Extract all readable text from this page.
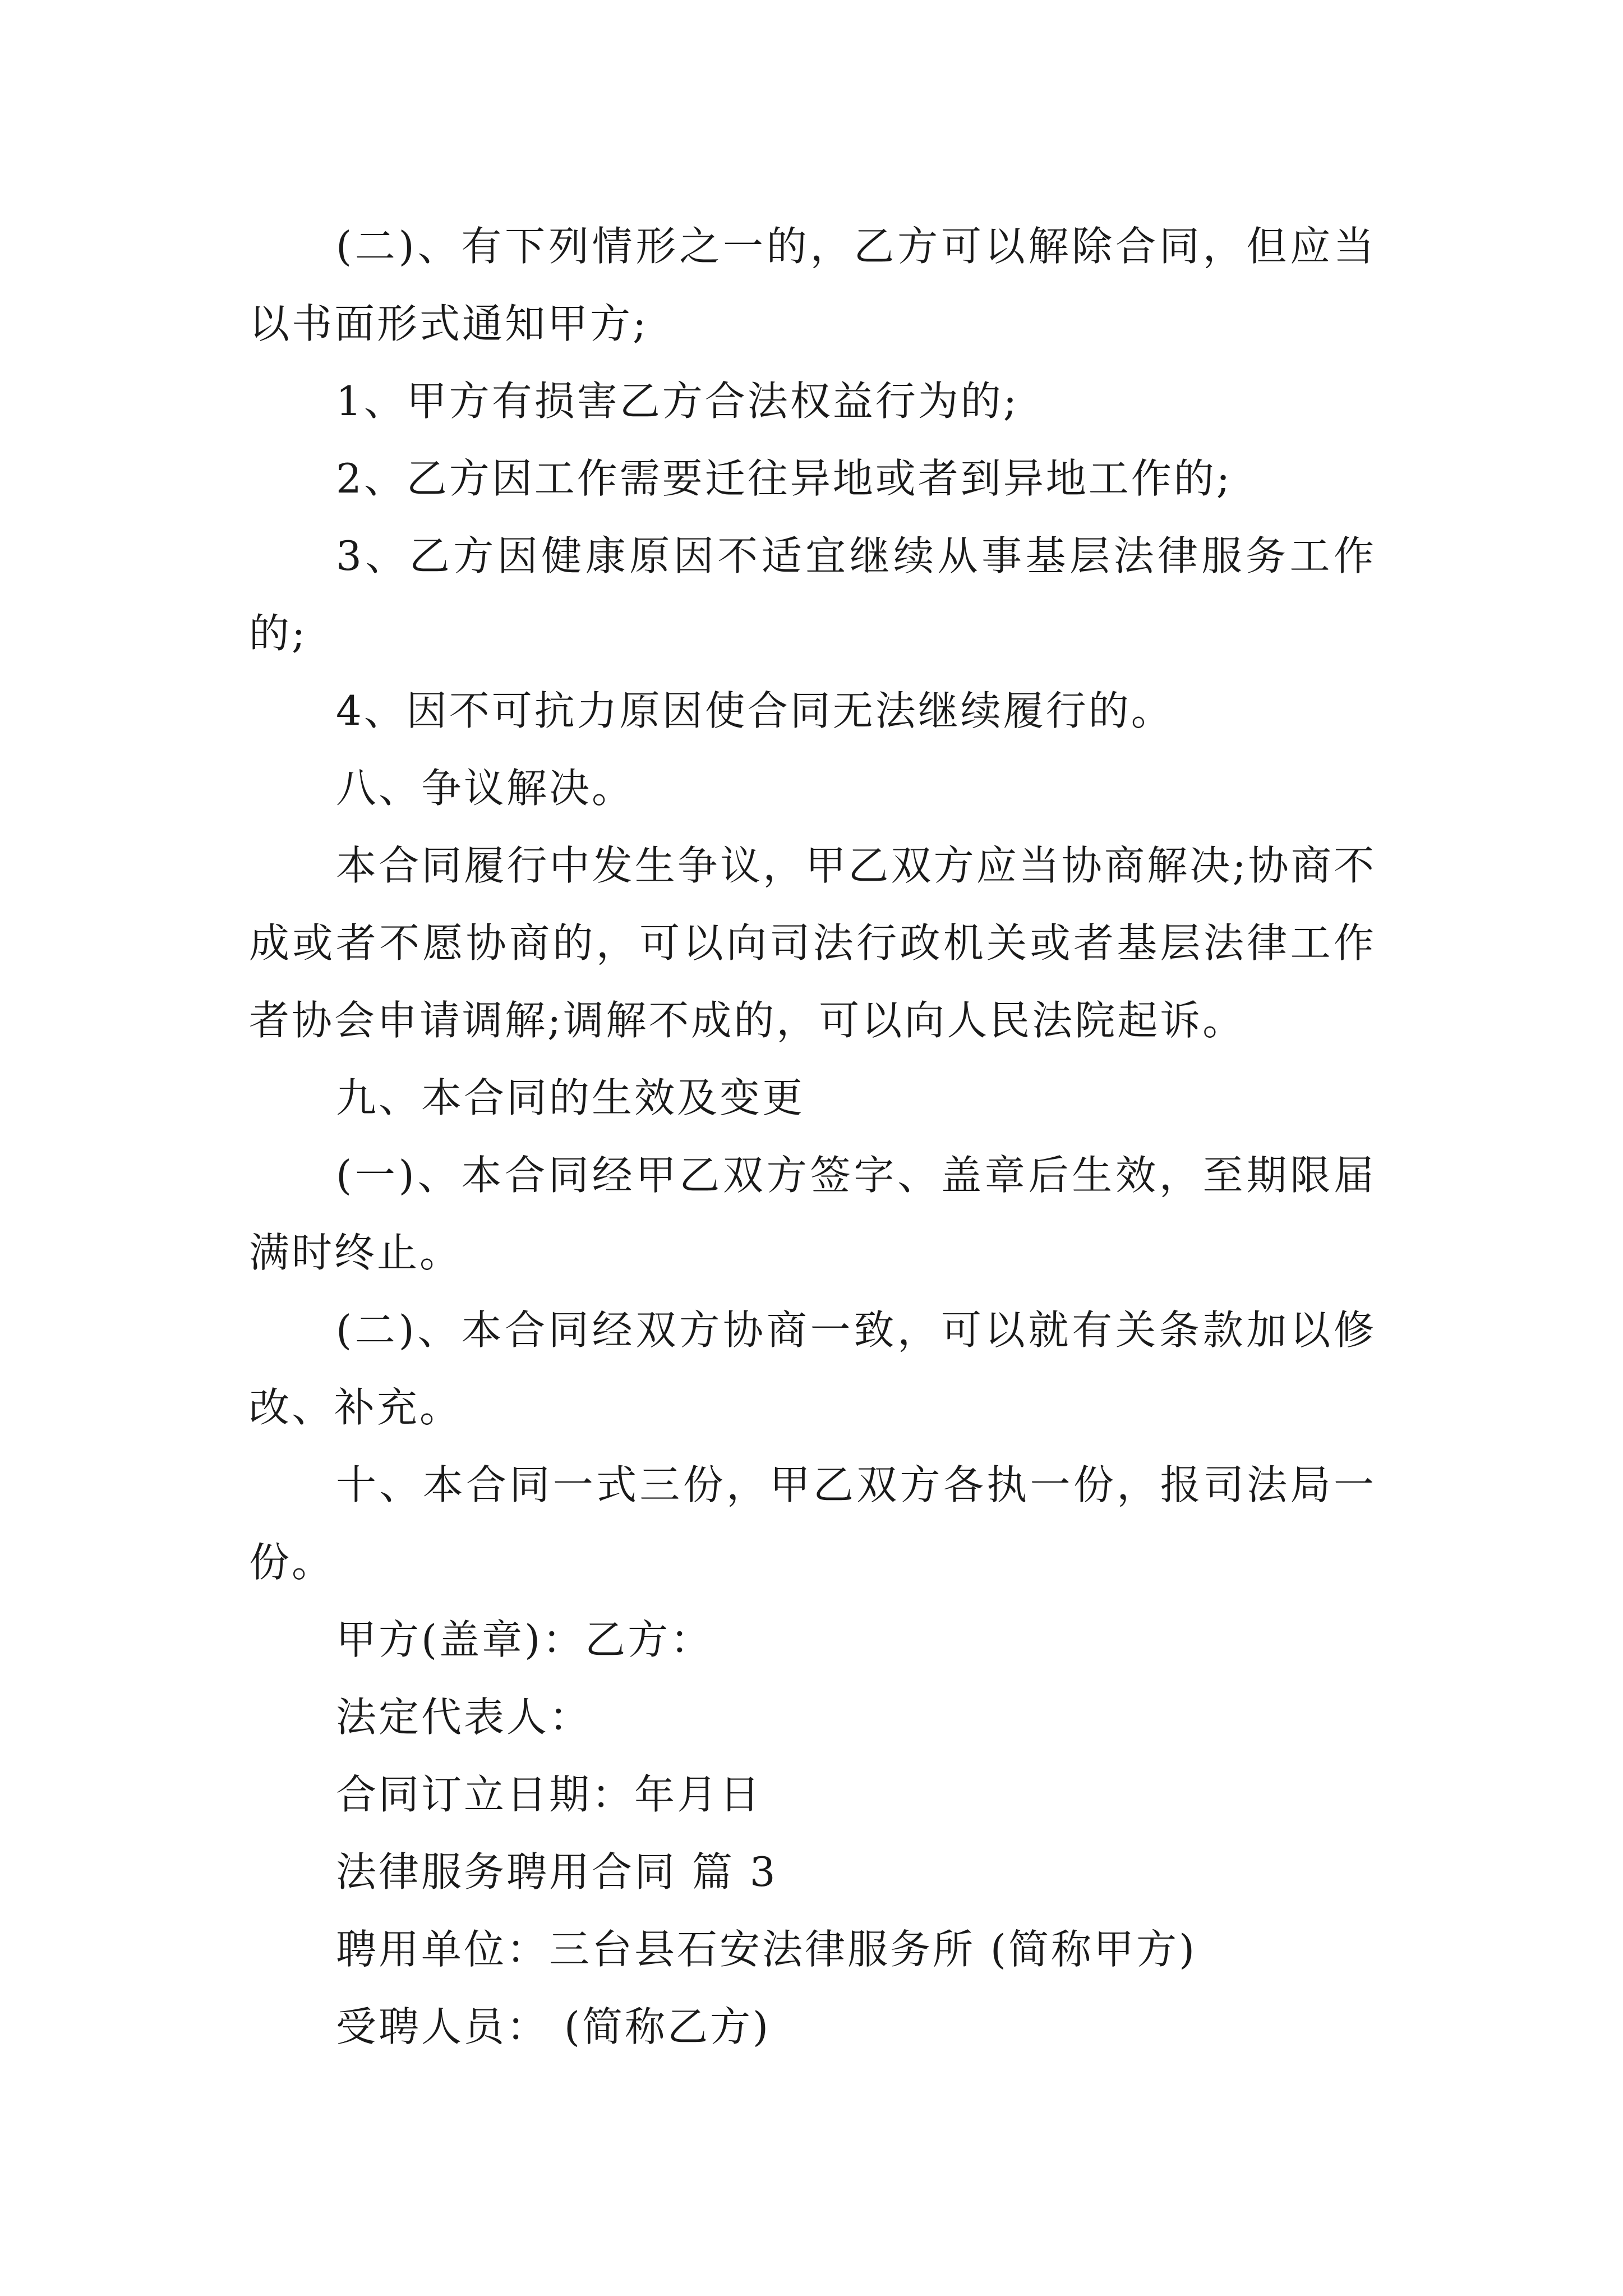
(二)、有下列情形之一的，乙方可以解除合同，但应当以书面形式通知甲方;

1、甲方有损害乙方合法权益行为的;

2、乙方因工作需要迁往异地或者到异地工作的;

3、乙方因健康原因不适宜继续从事基层法律服务工作的;

4、因不可抗力原因使合同无法继续履行的。

八、争议解决。

本合同履行中发生争议，甲乙双方应当协商解决;协商不成或者不愿协商的，可以向司法行政机关或者基层法律工作者协会申请调解;调解不成的，可以向人民法院起诉。

九、本合同的生效及变更

(一)、本合同经甲乙双方签字、盖章后生效，至期限届满时终止。

(二)、本合同经双方协商一致，可以就有关条款加以修改、补充。

十、本合同一式三份，甲乙双方各执一份，报司法局一份。

甲方(盖章)：乙方：

法定代表人：

合同订立日期：年月日

法律服务聘用合同 篇 3

聘用单位：三台县石安法律服务所 (简称甲方)

受聘人员： (简称乙方)
